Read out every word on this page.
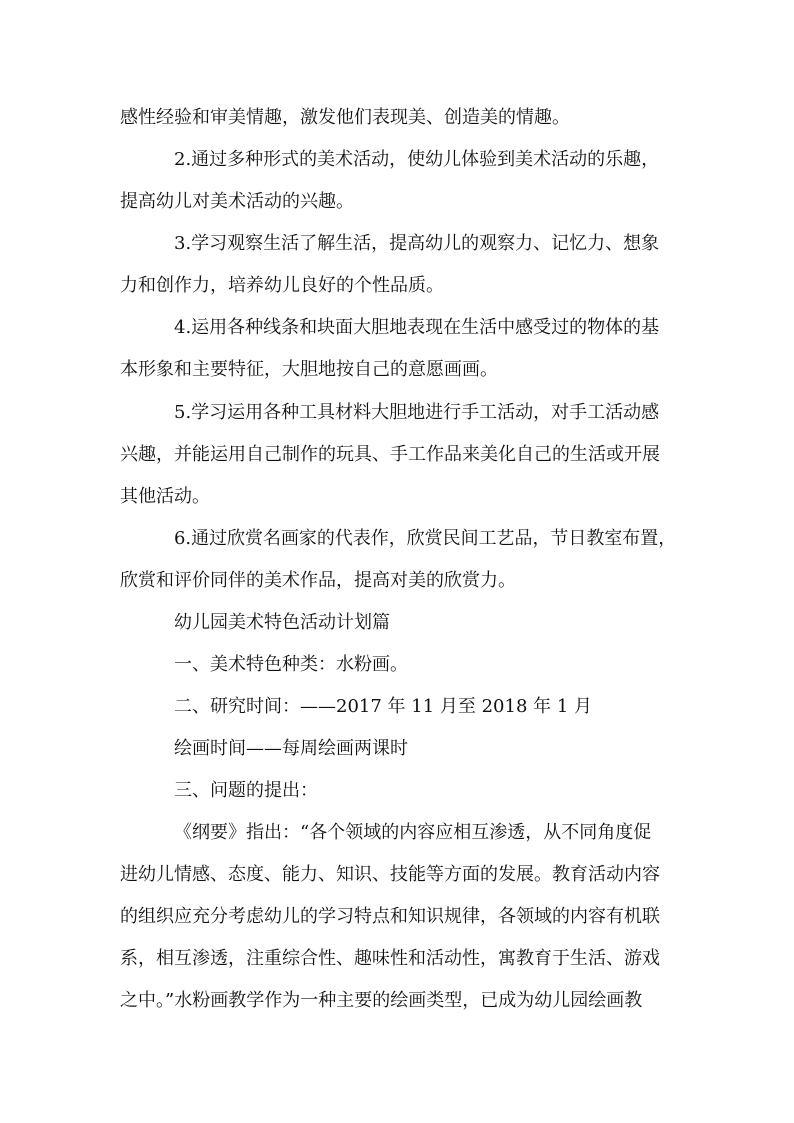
感性经验和审美情趣，激发他们表现美、创造美的情趣。
2.通过多种形式的美术活动，使幼儿体验到美术活动的乐趣，
提高幼儿对美术活动的兴趣。
3.学习观察生活了解生活，提高幼儿的观察力、记忆力、想象
力和创作力，培养幼儿良好的个性品质。
4.运用各种线条和块面大胆地表现在生活中感受过的物体的基
本形象和主要特征，大胆地按自己的意愿画画。
5.学习运用各种工具材料大胆地进行手工活动，对手工活动感
兴趣，并能运用自己制作的玩具、手工作品来美化自己的生活或开展
其他活动。
6.通过欣赏名画家的代表作，欣赏民间工艺品，节日教室布置，
欣赏和评价同伴的美术作品，提高对美的欣赏力。
幼儿园美术特色活动计划篇
一、美术特色种类：水粉画。
二、研究时间：——2017 年 11 月至 2018 年 1 月
绘画时间——每周绘画两课时
三、问题的提出：
《纲要》指出：“各个领域的内容应相互渗透，从不同角度促
进幼儿情感、态度、能力、知识、技能等方面的发展。教育活动内容
的组织应充分考虑幼儿的学习特点和知识规律，各领域的内容有机联
系，相互渗透，注重综合性、趣味性和活动性，寓教育于生活、游戏
之中。”水粉画教学作为一种主要的绘画类型，已成为幼儿园绘画教
